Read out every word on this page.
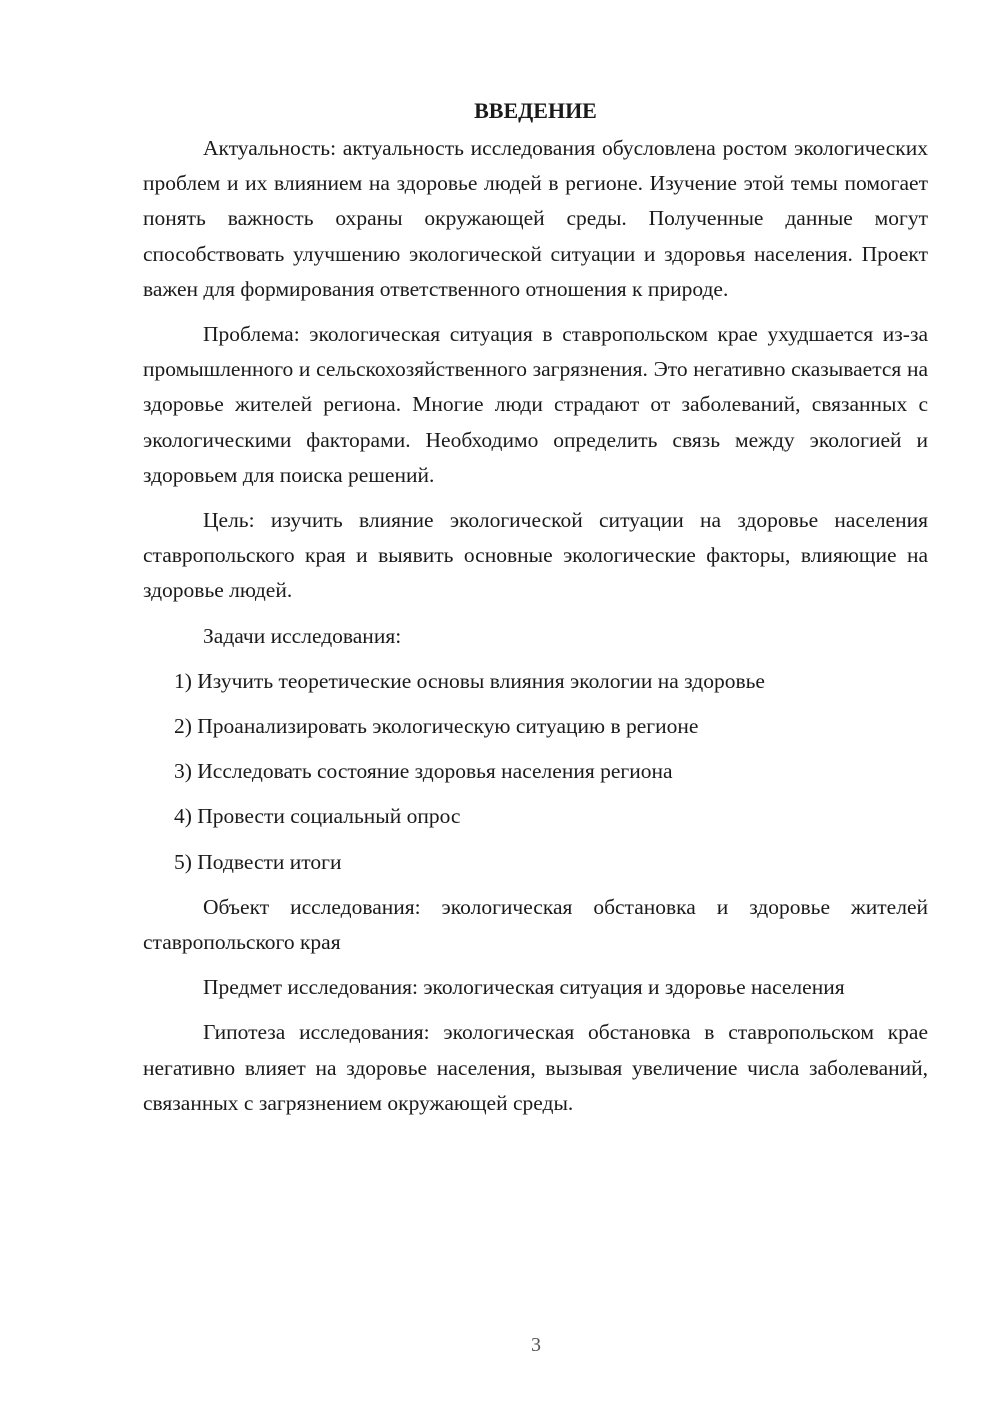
ВВЕДЕНИЕ

Актуальность: актуальность исследования обусловлена ростом экологических проблем и их влиянием на здоровье людей в регионе. Изучение этой темы помогает понять важность охраны окружающей среды. Полученные данные могут способствовать улучшению экологической ситуации и здоровья населения. Проект важен для формирования ответственного отношения к природе.

Проблема: экологическая ситуация в ставропольском крае ухудшается из-за промышленного и сельскохозяйственного загрязнения. Это негативно сказывается на здоровье жителей региона. Многие люди страдают от заболеваний, связанных с экологическими факторами. Необходимо определить связь между экологией и здоровьем для поиска решений.

Цель: изучить влияние экологической ситуации на здоровье населения ставропольского края и выявить основные экологические факторы, влияющие на здоровье людей.

Задачи исследования:
1) Изучить теоретические основы влияния экологии на здоровье
2) Проанализировать экологическую ситуацию в регионе
3) Исследовать состояние здоровья населения региона
4) Провести социальный опрос
5) Подвести итоги

Объект исследования: экологическая обстановка и здоровье жителей ставропольского края

Предмет исследования: экологическая ситуация и здоровье населения

Гипотеза исследования: экологическая обстановка в ставропольском крае негативно влияет на здоровье населения, вызывая увеличение числа заболеваний, связанных с загрязнением окружающей среды.

3
